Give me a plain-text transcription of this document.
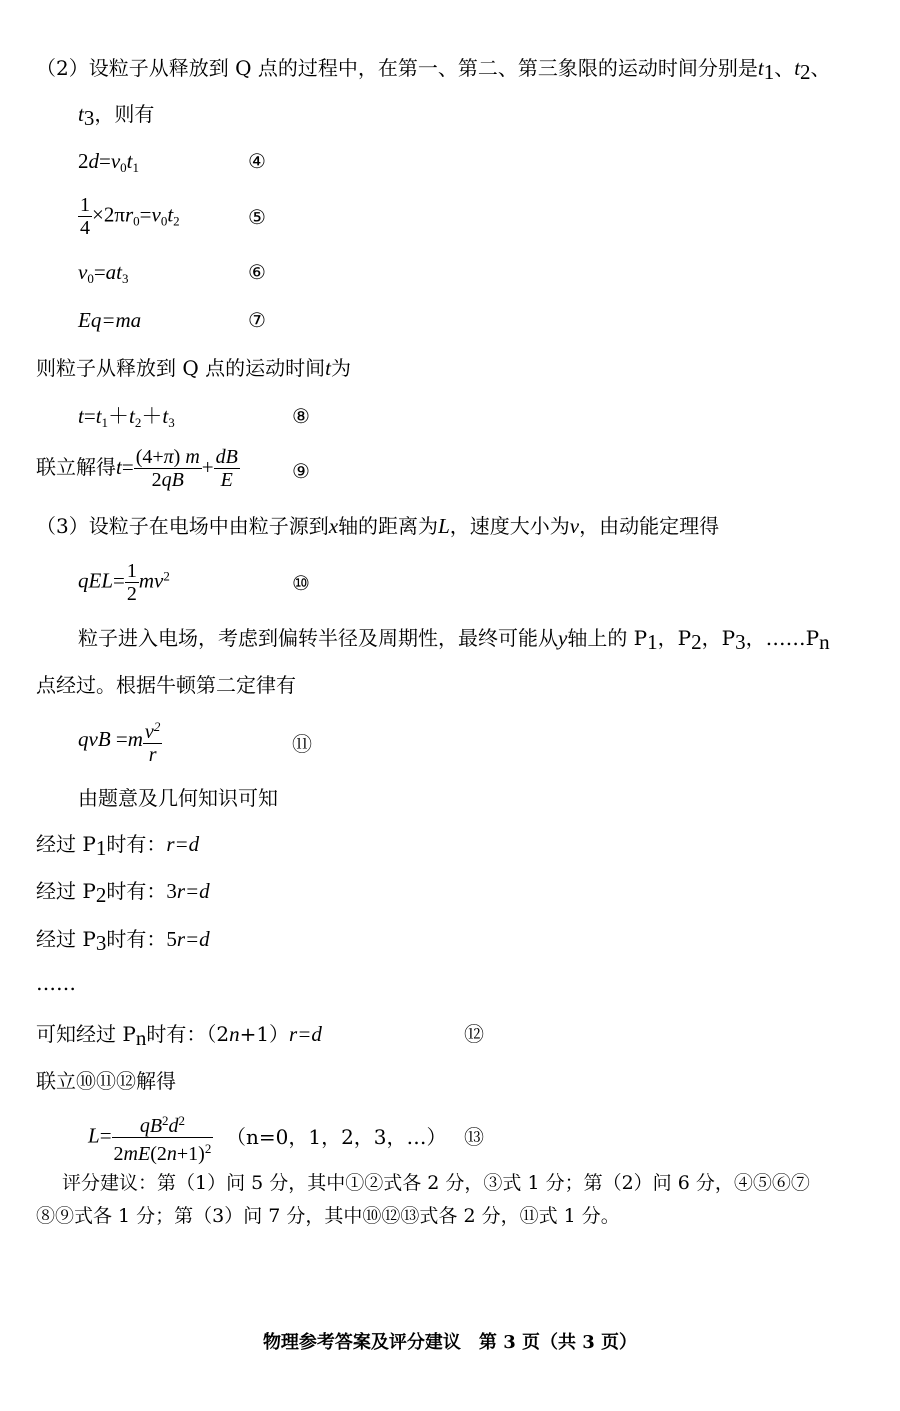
（2）设粒子从释放到 Q 点的过程中，在第一、第二、第三象限的运动时间分别是$t_1$、$t_2$、
$t_3$，则有
$2d=v_0t_1$	④
$\frac{1}{4} \times 2\pi r_0=v_0t_2$	⑤
$v_0=at_3$	⑥
Eq=ma	⑦
则粒子从释放到 Q 点的运动时间t为
$t=t_1+t_2+t_3$	⑧
联立解得$t= \frac{(4+\pi) m}{2qB} + \frac{dB}{E}$	⑨
（3）设粒子在电场中由粒子源到x轴的距离为L，速度大小为v，由动能定理得
$qEL= \frac{1}{2} mv^2$	⑩
粒子进入电场，考虑到偏转半径及周期性，最终可能从y轴上的 $P_1$，$P_2$，$P_3$，$\dots\dots P_n$
点经过。根据牛顿第二定律有
qvB $=m \frac{v^2}{r}$	⑪
由题意及几何知识可知
经过 $P_1$时有：r=d
经过 $P_2$时有：3r=d
经过 $P_3$时有：5r=d
……
可知经过 $P_n$时有：（2n+1）r=d	⑫
联立⑩⑪⑫解得
$L= \frac{qB^2d^2}{2mE(2n+1)^2} (n=0$，1，2，3，…） ⑬
评分建议：第（1）问 5 分，其中①②式各 2 分，③式 1 分；第（2）问 6 分，④⑤⑥⑦
⑧⑨式各 1 分；第（3）问 7 分，其中⑩⑫⑬式各 2 分，⑪式 1 分。
物理参考答案及评分建议　第 3 页（共 3 页）
